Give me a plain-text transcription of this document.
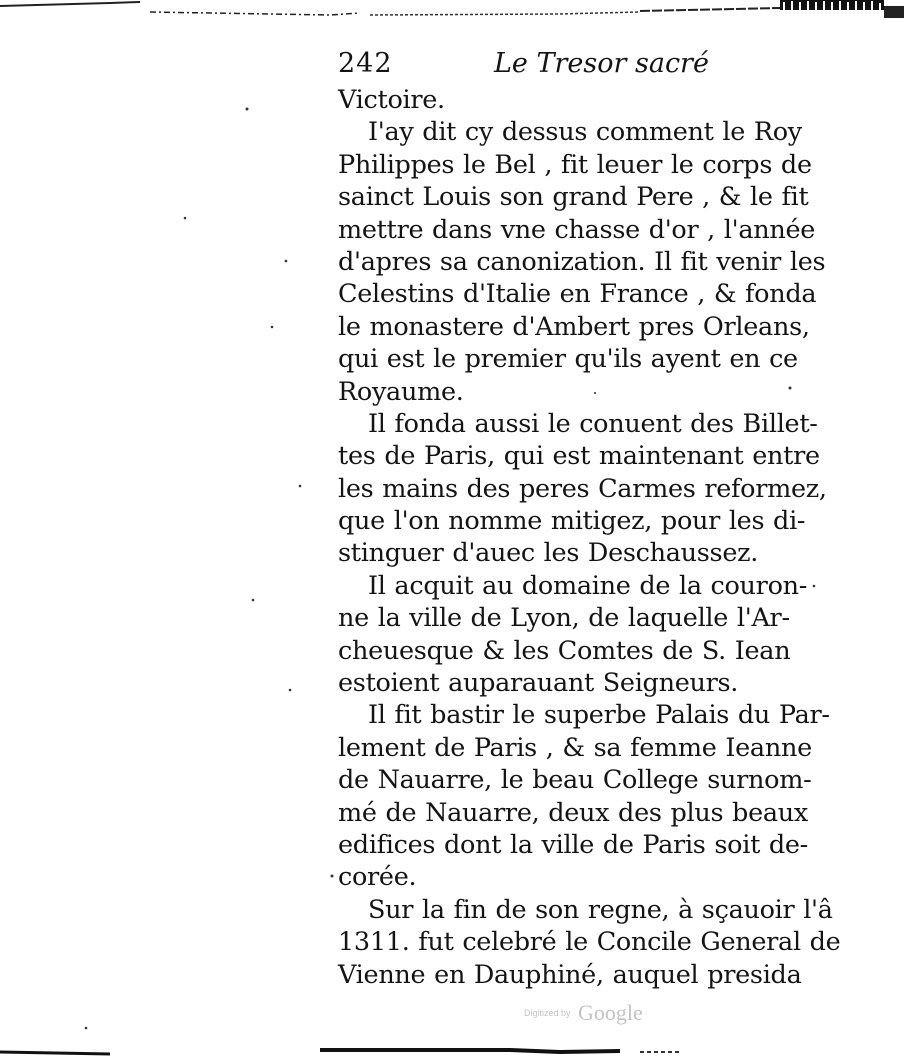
242	Le Tresor sacré
Victoire.
I'ay dit cy dessus comment le Roy
Philippes le Bel , fit leuer le corps de
sainct Louis son grand Pere , & le fit
mettre dans vne chasse d'or , l'année
d'apres sa canonization. Il fit venir les
Celestins d'Italie en France , & fonda
le monastere d'Ambert pres Orleans,
qui est le premier qu'ils ayent en ce
Royaume.
Il fonda aussi le conuent des Billet-
tes de Paris, qui est maintenant entre
les mains des peres Carmes reformez,
que l'on nomme mitigez, pour les di-
stinguer d'auec les Deschaussez.
Il acquit au domaine de la couron-
ne la ville de Lyon, de laquelle l'Ar-
cheuesque & les Comtes de S. Iean
estoient auparauant Seigneurs.
Il fit bastir le superbe Palais du Par-
lement de Paris , & sa femme Ieanne
de Nauarre, le beau College surnom-
mé de Nauarre, deux des plus beaux
edifices dont la ville de Paris soit de-
corée.
Sur la fin de son regne, à sçauoir l'â
1311. fut celebré le Concile General de
Vienne en Dauphiné, auquel presida
Digitized by Google
